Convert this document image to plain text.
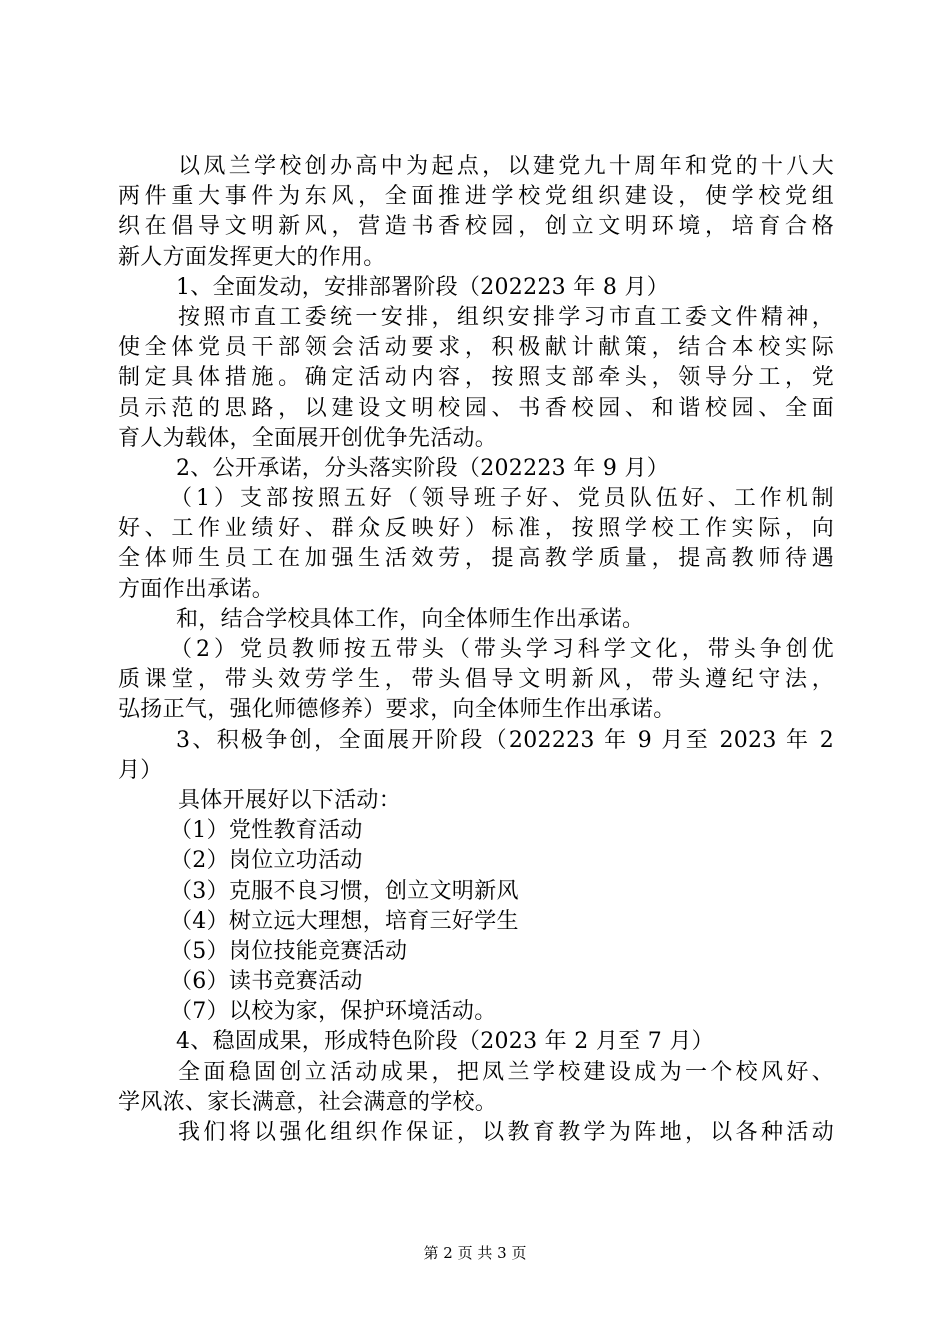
以凤兰学校创办高中为起点，以建党九十周年和党的十八大
两件重大事件为东风，全面推进学校党组织建设，使学校党组
织在倡导文明新风，营造书香校园，创立文明环境，培育合格
新人方面发挥更大的作用。
1、全面发动，安排部署阶段（202223 年 8 月）
按照市直工委统一安排，组织安排学习市直工委文件精神，
使全体党员干部领会活动要求，积极献计献策，结合本校实际
制定具体措施。确定活动内容，按照支部牵头，领导分工，党
员示范的思路，以建设文明校园、书香校园、和谐校园、全面
育人为载体，全面展开创优争先活动。
2、公开承诺，分头落实阶段（202223 年 9 月）
（1）支部按照五好（领导班子好、党员队伍好、工作机制
好、工作业绩好、群众反映好）标准，按照学校工作实际，向
全体师生员工在加强生活效劳，提高教学质量，提高教师待遇
方面作出承诺。
和，结合学校具体工作，向全体师生作出承诺。
（2）党员教师按五带头（带头学习科学文化，带头争创优
质课堂，带头效劳学生，带头倡导文明新风，带头遵纪守法，
弘扬正气，强化师德修养）要求，向全体师生作出承诺。
3、积极争创，全面展开阶段（202223 年 9 月至 2023 年 2
月）
具体开展好以下活动：
（1）党性教育活动
（2）岗位立功活动
（3）克服不良习惯，创立文明新风
（4）树立远大理想，培育三好学生
（5）岗位技能竞赛活动
（6）读书竞赛活动
（7）以校为家，保护环境活动。
4、稳固成果，形成特色阶段（2023 年 2 月至 7 月）
全面稳固创立活动成果，把凤兰学校建设成为一个校风好、
学风浓、家长满意，社会满意的学校。
我们将以强化组织作保证，以教育教学为阵地，以各种活动
第 2 页 共 3 页
